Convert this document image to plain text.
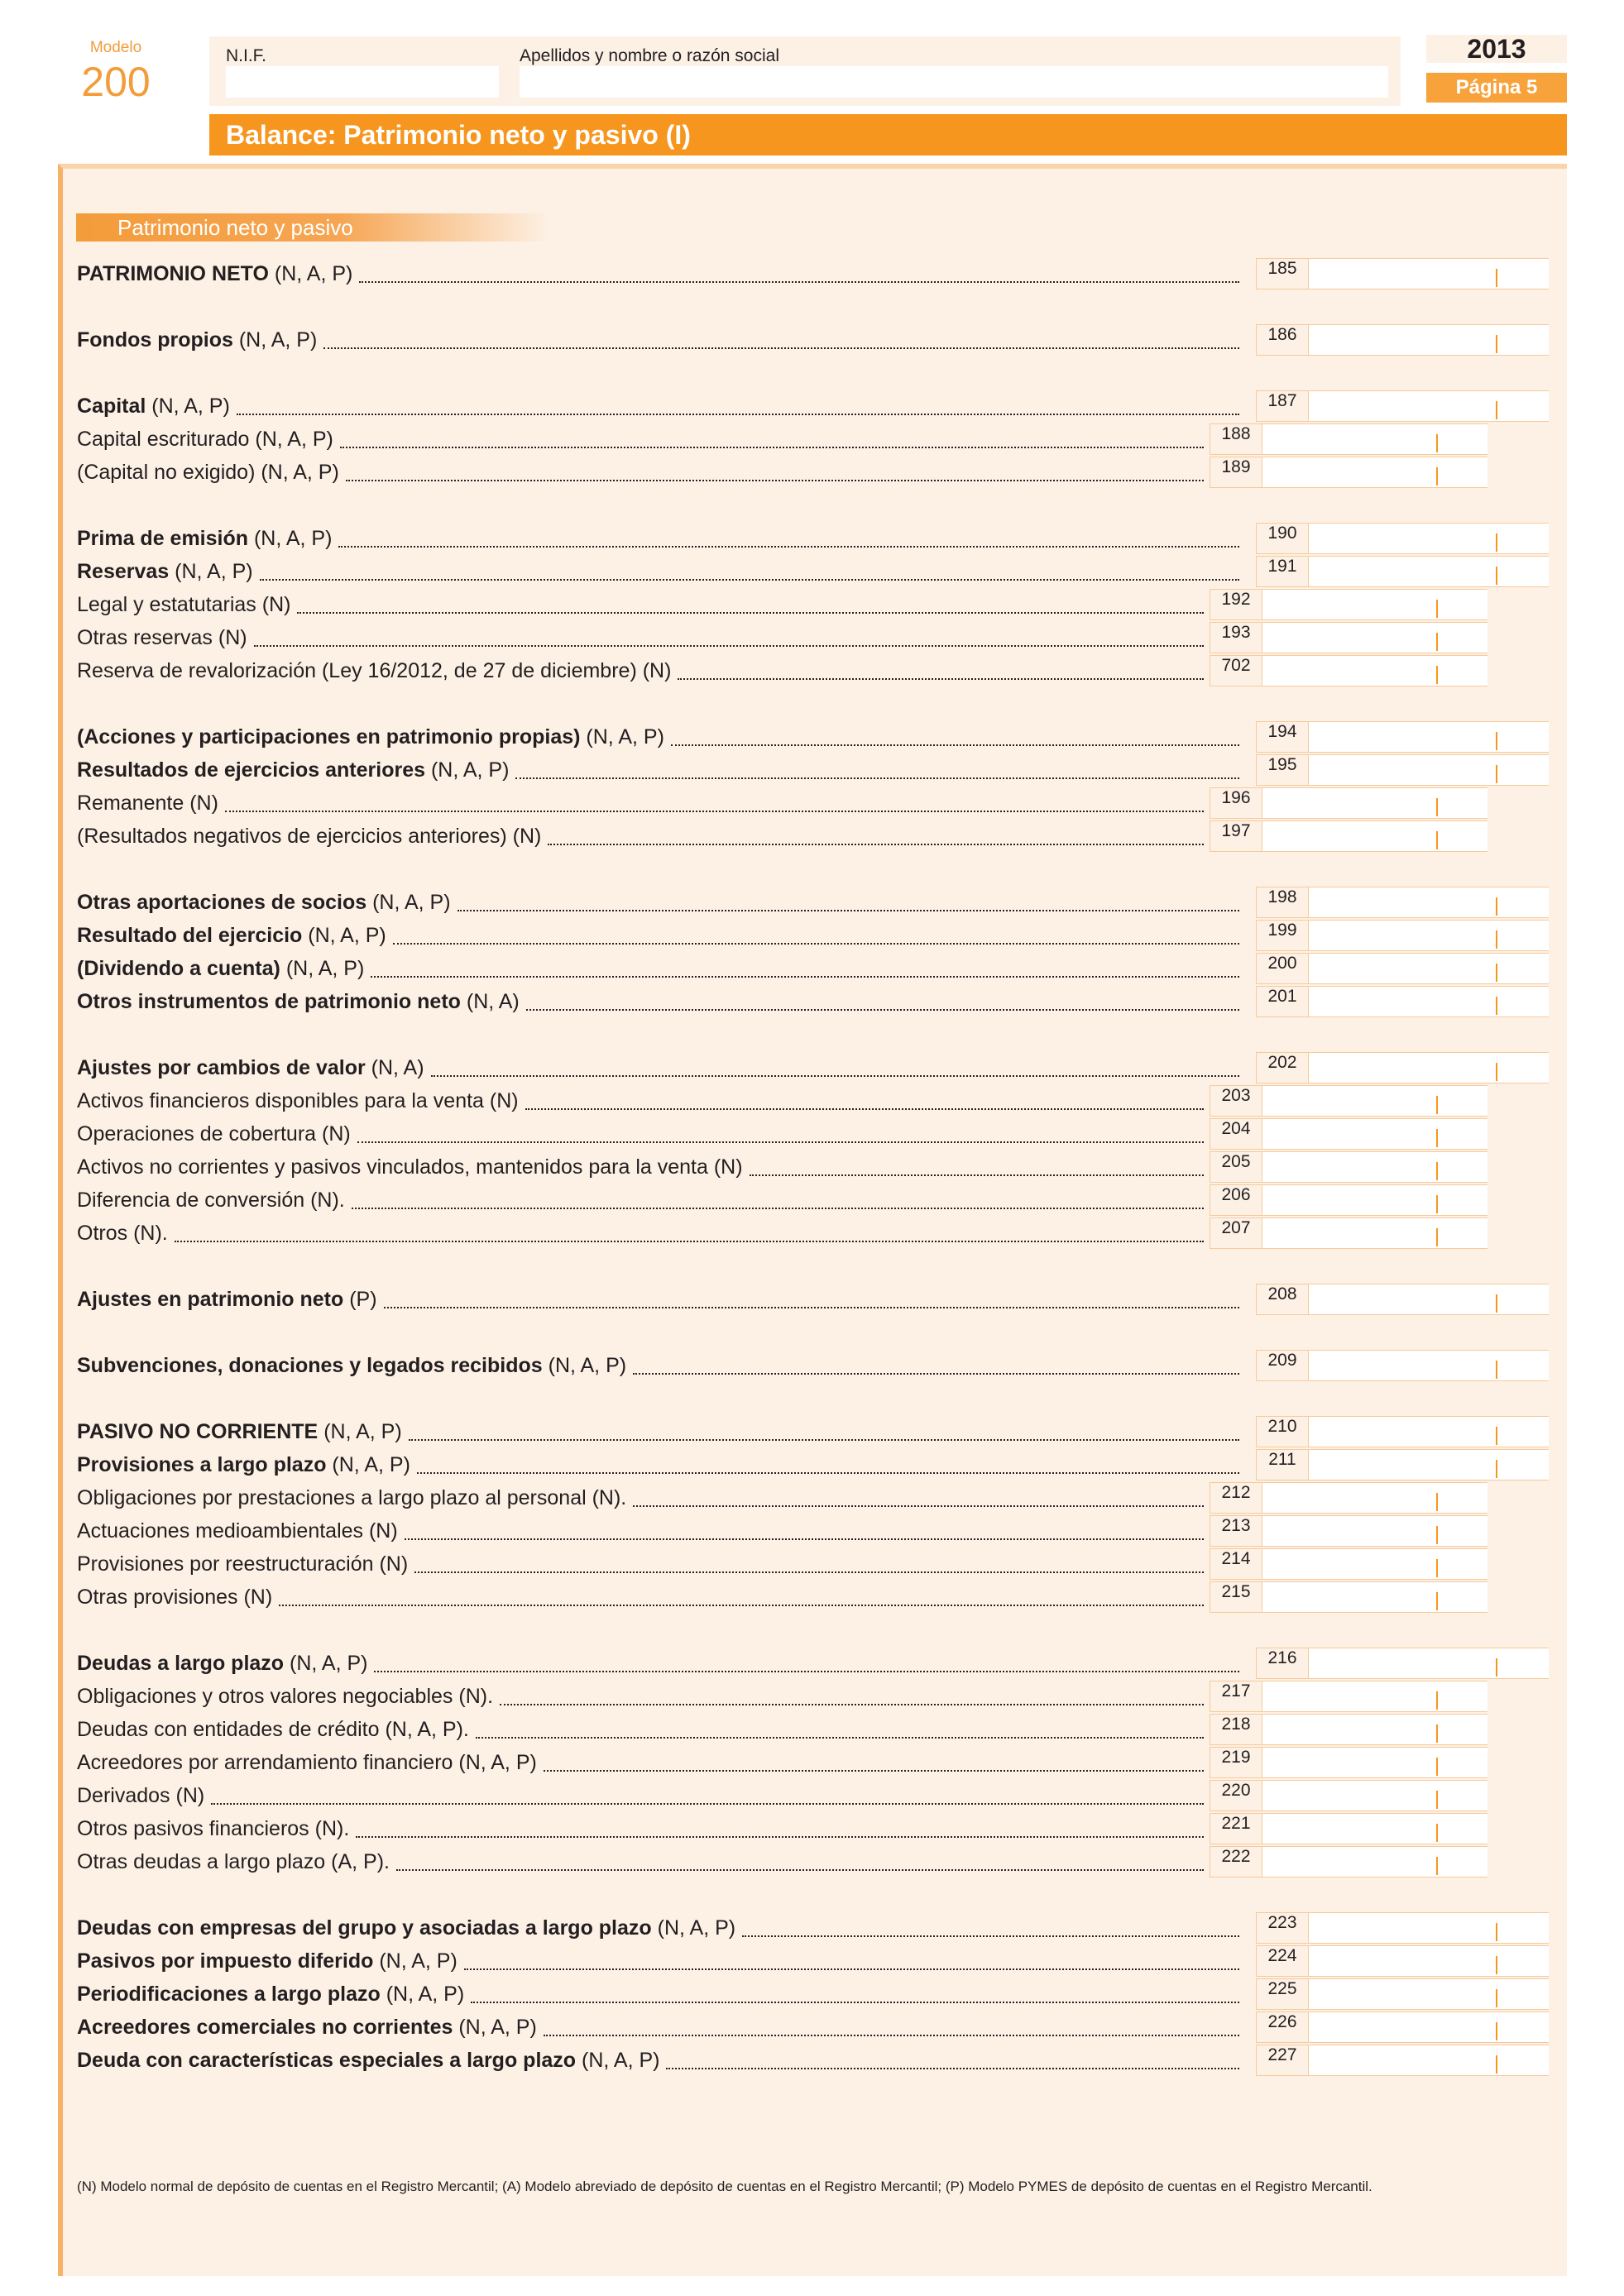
Modelo
200
N.I.F.	Apellidos y nombre o razón social	2013
Página 5
Balance: Patrimonio neto y pasivo (I)
Patrimonio neto y pasivo
PATRIMONIO NETO (N, A, P)	185
Fondos propios (N, A, P)	186
Capital (N, A, P)	187
Capital escriturado (N, A, P)	188
(Capital no exigido) (N, A, P)	189
Prima de emisión (N, A, P)	190
Reservas (N, A, P)	191
Legal y estatutarias (N)	192
Otras reservas (N)	193
Reserva de revalorización (Ley 16/2012, de 27 de diciembre) (N)	702
(Acciones y participaciones en patrimonio propias) (N, A, P)	194
Resultados de ejercicios anteriores (N, A, P)	195
Remanente (N)	196
(Resultados negativos de ejercicios anteriores) (N)	197
Otras aportaciones de socios (N, A, P)	198
Resultado del ejercicio (N, A, P)	199
(Dividendo a cuenta) (N, A, P)	200
Otros instrumentos de patrimonio neto (N, A)	201
Ajustes por cambios de valor (N, A)	202
Activos financieros disponibles para la venta (N)	203
Operaciones de cobertura (N)	204
Activos no corrientes y pasivos vinculados, mantenidos para la venta (N)	205
Diferencia de conversión (N).	206
Otros (N).	207
Ajustes en patrimonio neto (P)	208
Subvenciones, donaciones y legados recibidos (N, A, P)	209
PASIVO NO CORRIENTE (N, A, P)	210
Provisiones a largo plazo (N, A, P)	211
Obligaciones por prestaciones a largo plazo al personal (N).	212
Actuaciones medioambientales (N)	213
Provisiones por reestructuración (N)	214
Otras provisiones (N)	215
Deudas a largo plazo (N, A, P)	216
Obligaciones y otros valores negociables (N).	217
Deudas con entidades de crédito (N, A, P).	218
Acreedores por arrendamiento financiero (N, A, P)	219
Derivados (N)	220
Otros pasivos financieros (N).	221
Otras deudas a largo plazo (A, P).	222
Deudas con empresas del grupo y asociadas a largo plazo (N, A, P)	223
Pasivos por impuesto diferido (N, A, P)	224
Periodificaciones a largo plazo (N, A, P)	225
Acreedores comerciales no corrientes (N, A, P)	226
Deuda con características especiales a largo plazo (N, A, P)	227
(N) Modelo normal de depósito de cuentas en el Registro Mercantil; (A) Modelo abreviado de depósito de cuentas en el Registro Mercantil; (P) Modelo PYMES de depósito de cuentas en el Registro Mercantil.
